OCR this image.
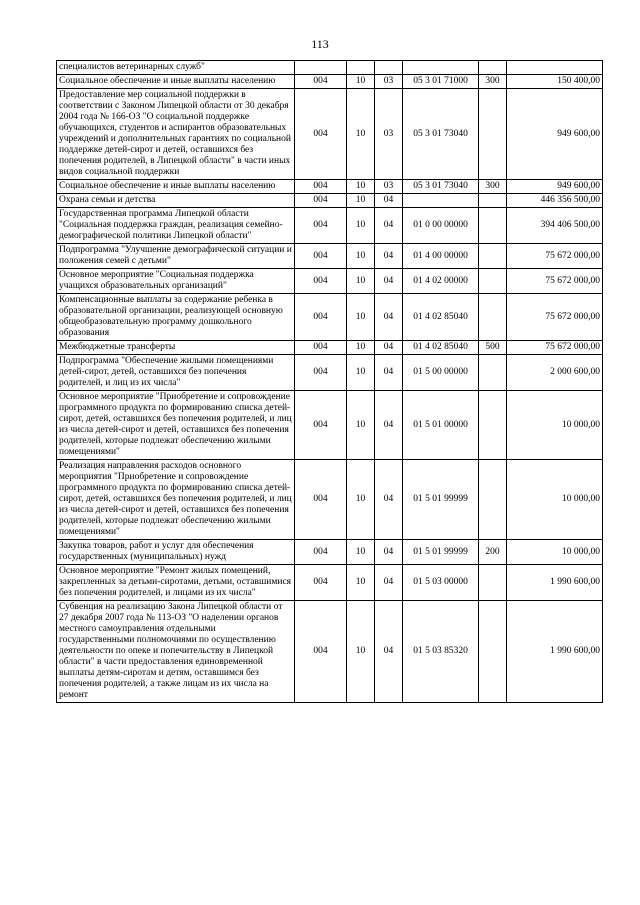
113
специалистов ветеринарных служб"						
Социальное обеспечение и иные выплаты населению	004	10	03	05 3 01 71000	300	150 400,00
Предоставление мер социальной поддержки в соответствии с Законом Липецкой области от 30 декабря 2004 года № 166-ОЗ "О социальной поддержке обучающихся, студентов и аспирантов образовательных учреждений и дополнительных гарантиях по социальной поддержке детей-сирот и детей, оставшихся без попечения родителей, в Липецкой области" в части иных видов социальной поддержки	004	10	03	05 3 01 73040		949 600,00
Социальное обеспечение и иные выплаты населению	004	10	03	05 3 01 73040	300	949 600,00
Охрана семьи и детства	004	10	04			446 356 500,00
Государственная программа Липецкой области "Социальная поддержка граждан, реализация семейно-демографической политики Липецкой области"	004	10	04	01 0 00 00000		394 406 500,00
Подпрограмма "Улучшение демографической ситуации и положения семей с детьми"	004	10	04	01 4 00 00000		75 672 000,00
Основное мероприятие "Социальная поддержка учащихся образовательных организаций"	004	10	04	01 4 02 00000		75 672 000,00
Компенсационные выплаты за содержание ребенка в образовательной организации, реализующей основную общеобразовательную программу дошкольного образования	004	10	04	01 4 02 85040		75 672 000,00
Межбюджетные трансферты	004	10	04	01 4 02 85040	500	75 672 000,00
Подпрограмма "Обеспечение жилыми помещениями детей-сирот, детей, оставшихся без попечения родителей, и лиц из их числа"	004	10	04	01 5 00 00000		2 000 600,00
Основное мероприятие "Приобретение и сопровождение программного продукта по формированию списка детей-сирот, детей, оставшихся без попечения родителей, и лиц из числа детей-сирот и детей, оставшихся без попечения родителей, которые подлежат обеспечению жилыми помещениями"	004	10	04	01 5 01 00000		10 000,00
Реализация направления расходов основного мероприятия "Приобретение и сопровождение программного продукта по формированию списка детей-сирот, детей, оставшихся без попечения родителей, и лиц из числа детей-сирот и детей, оставшихся без попечения родителей, которые подлежат обеспечению жилыми помещениями"	004	10	04	01 5 01 99999		10 000,00
Закупка товаров, работ и услуг для обеспечения государственных (муниципальных) нужд	004	10	04	01 5 01 99999	200	10 000,00
Основное мероприятие "Ремонт жилых помещений, закрепленных за детьми-сиротами, детьми, оставшимися без попечения родителей, и лицами из их числа"	004	10	04	01 5 03 00000		1 990 600,00
Субвенция на реализацию Закона Липецкой области от 27 декабря 2007 года № 113-ОЗ "О наделении органов местного самоуправления отдельными государственными полномочиями по осуществлению деятельности по опеке и попечительству в Липецкой области" в части предоставления единовременной выплаты детям-сиротам и детям, оставшимся без попечения родителей, а также лицам из их числа на ремонт	004	10	04	01 5 03 85320		1 990 600,00
